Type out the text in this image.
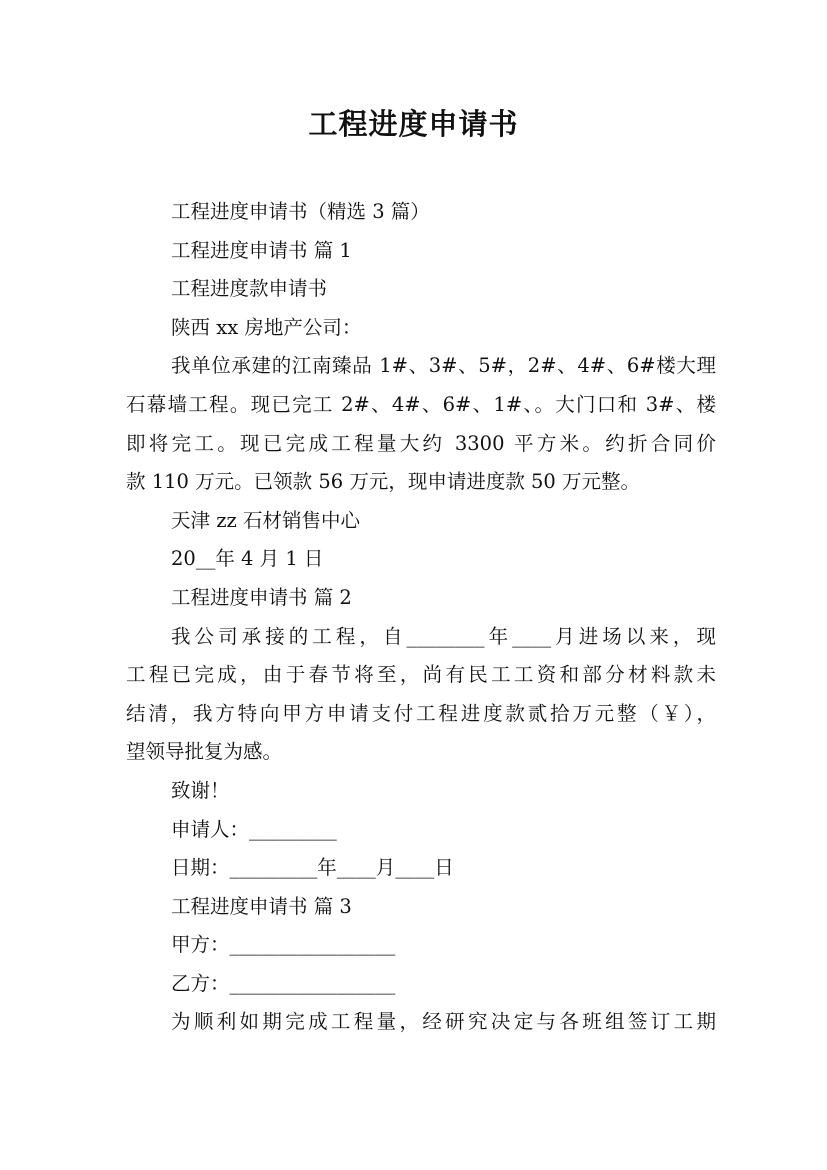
工程进度申请书

工程进度申请书（精选 3 篇）

工程进度申请书 篇 1

工程进度款申请书

陕西 xx 房地产公司：

我单位承建的江南臻品 1#、3#、5#，2#、4#、6#楼大理

石幕墙工程。现已完工 2#、4#、6#、1#、。大门口和 3#、楼

即将完工。现已完成工程量大约 3300 平方米。约折合同价

款 110 万元。已领款 56 万元，现申请进度款 50 万元整。

天津 zz 石材销售中心

20__年 4 月 1 日

工程进度申请书 篇 2

我公司承接的工程，自________年____月进场以来，现

工程已完成，由于春节将至，尚有民工工资和部分材料款未

结清，我方特向甲方申请支付工程进度款贰拾万元整（￥），

望领导批复为感。

致谢！

申请人：_________

日期：_________年____月____日

工程进度申请书 篇 3

甲方：_________________

乙方：_________________

为顺利如期完成工程量，经研究决定与各班组签订工期
